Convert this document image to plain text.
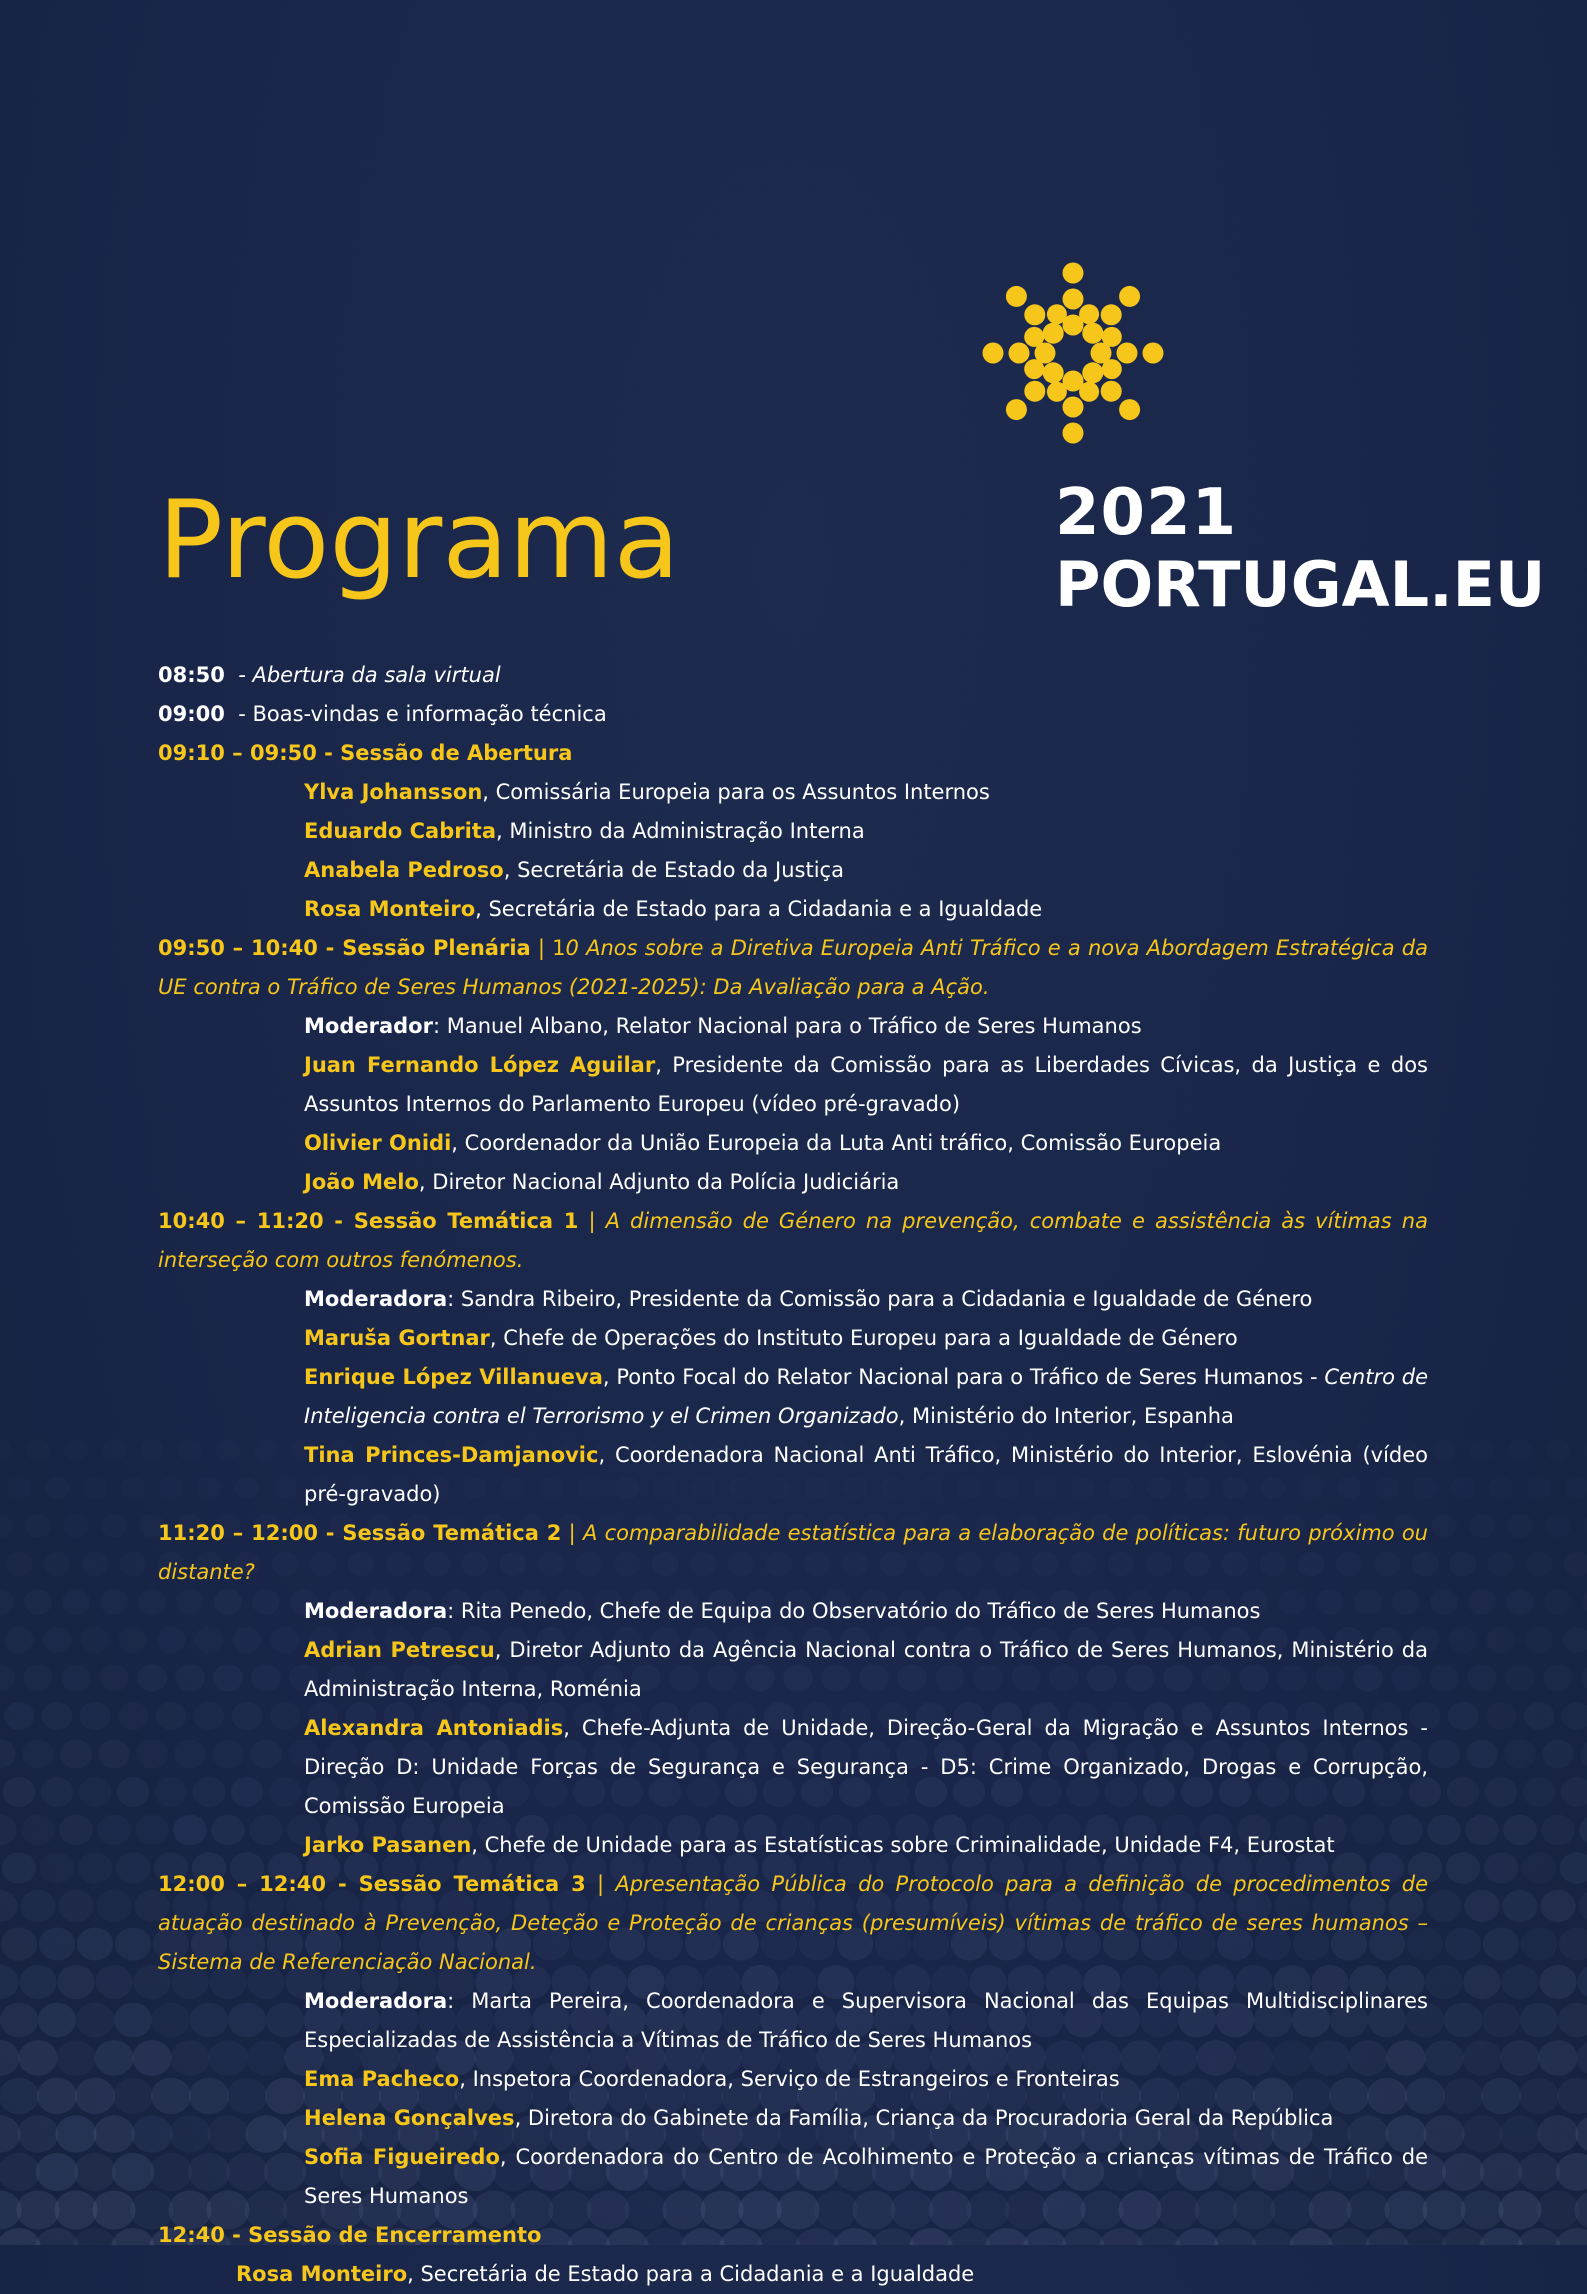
2021
PORTUGAL.EU
Programa

08:50 - Abertura da sala virtual

09:00 - Boas-vindas e informação técnica

09:10 – 09:50 - Sessão de Abertura

Ylva Johansson, Comissária Europeia para os Assuntos Internos

Eduardo Cabrita, Ministro da Administração Interna

Anabela Pedroso, Secretária de Estado da Justiça

Rosa Monteiro, Secretária de Estado para a Cidadania e a Igualdade

09:50 – 10:40 - Sessão Plenária | 10 Anos sobre a Diretiva Europeia Anti Tráfico e a nova Abordagem Estratégica da UE contra o Tráfico de Seres Humanos (2021-2025): Da Avaliação para a Ação.

Moderador: Manuel Albano, Relator Nacional para o Tráfico de Seres Humanos

Juan Fernando López Aguilar, Presidente da Comissão para as Liberdades Cívicas, da Justiça e dos Assuntos Internos do Parlamento Europeu (vídeo pré-gravado)

Olivier Onidi, Coordenador da União Europeia da Luta Anti tráfico, Comissão Europeia

João Melo, Diretor Nacional Adjunto da Polícia Judiciária

10:40 – 11:20 - Sessão Temática 1 | A dimensão de Género na prevenção, combate e assistência às vítimas na interseção com outros fenómenos.

Moderadora: Sandra Ribeiro, Presidente da Comissão para a Cidadania e Igualdade de Género

Maruša Gortnar, Chefe de Operações do Instituto Europeu para a Igualdade de Género

Enrique López Villanueva, Ponto Focal do Relator Nacional para o Tráfico de Seres Humanos - Centro de Inteligencia contra el Terrorismo y el Crimen Organizado, Ministério do Interior, Espanha

Tina Princes-Damjanovic, Coordenadora Nacional Anti Tráfico, Ministério do Interior, Eslovénia (vídeo pré-gravado)

11:20 – 12:00 - Sessão Temática 2 | A comparabilidade estatística para a elaboração de políticas: futuro próximo ou distante?

Moderadora: Rita Penedo, Chefe de Equipa do Observatório do Tráfico de Seres Humanos

Adrian Petrescu, Diretor Adjunto da Agência Nacional contra o Tráfico de Seres Humanos, Ministério da Administração Interna, Roménia

Alexandra Antoniadis, Chefe-Adjunta de Unidade, Direção-Geral da Migração e Assuntos Internos - Direção D: Unidade Forças de Segurança e Segurança - D5: Crime Organizado, Drogas e Corrupção, Comissão Europeia

Jarko Pasanen, Chefe de Unidade para as Estatísticas sobre Criminalidade, Unidade F4, Eurostat

12:00 – 12:40 - Sessão Temática 3 | Apresentação Pública do Protocolo para a definição de procedimentos de atuação destinado à Prevenção, Deteção e Proteção de crianças (presumíveis) vítimas de tráfico de seres humanos – Sistema de Referenciação Nacional.

Moderadora: Marta Pereira, Coordenadora e Supervisora Nacional das Equipas Multidisciplinares Especializadas de Assistência a Vítimas de Tráfico de Seres Humanos

Ema Pacheco, Inspetora Coordenadora, Serviço de Estrangeiros e Fronteiras

Helena Gonçalves, Diretora do Gabinete da Família, Criança da Procuradoria Geral da República

Sofia Figueiredo, Coordenadora do Centro de Acolhimento e Proteção a crianças vítimas de Tráfico de Seres Humanos

12:40 - Sessão de Encerramento

Rosa Monteiro, Secretária de Estado para a Cidadania e a Igualdade
